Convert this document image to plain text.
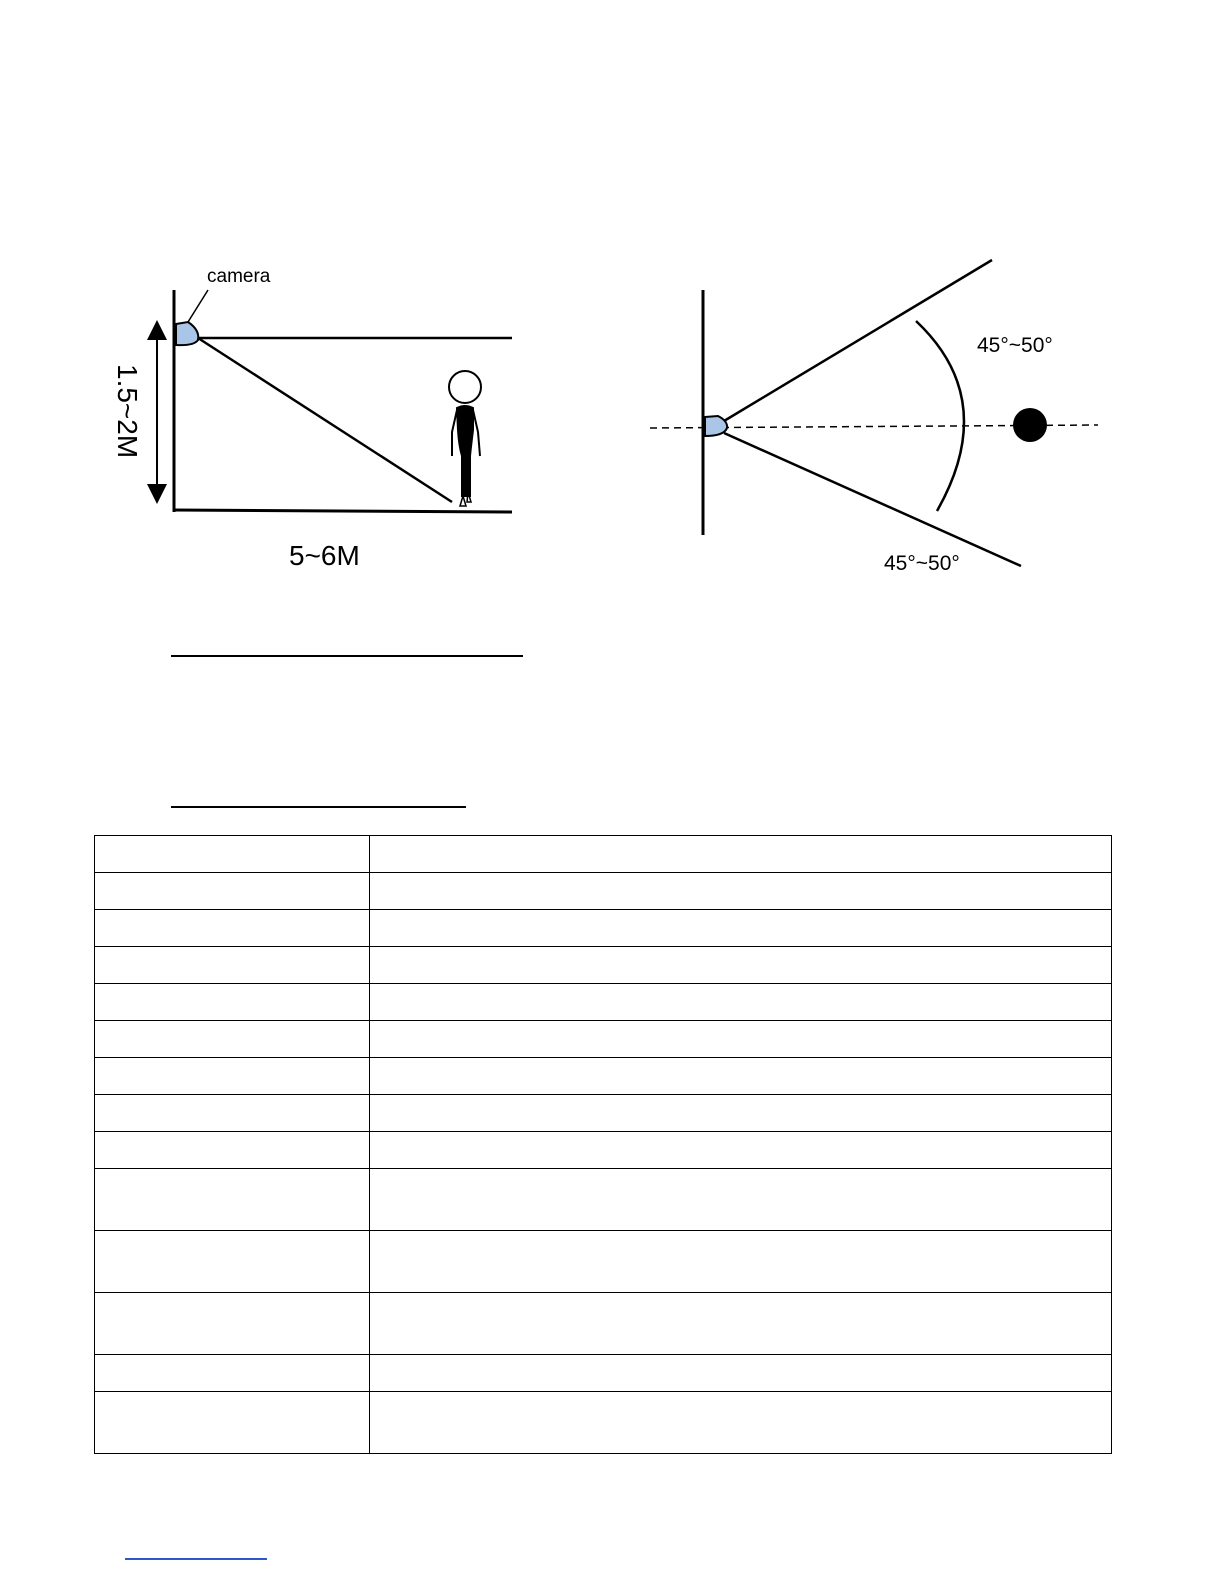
camera
1.5~2M
5~6M
45°~50°
45°~50°
